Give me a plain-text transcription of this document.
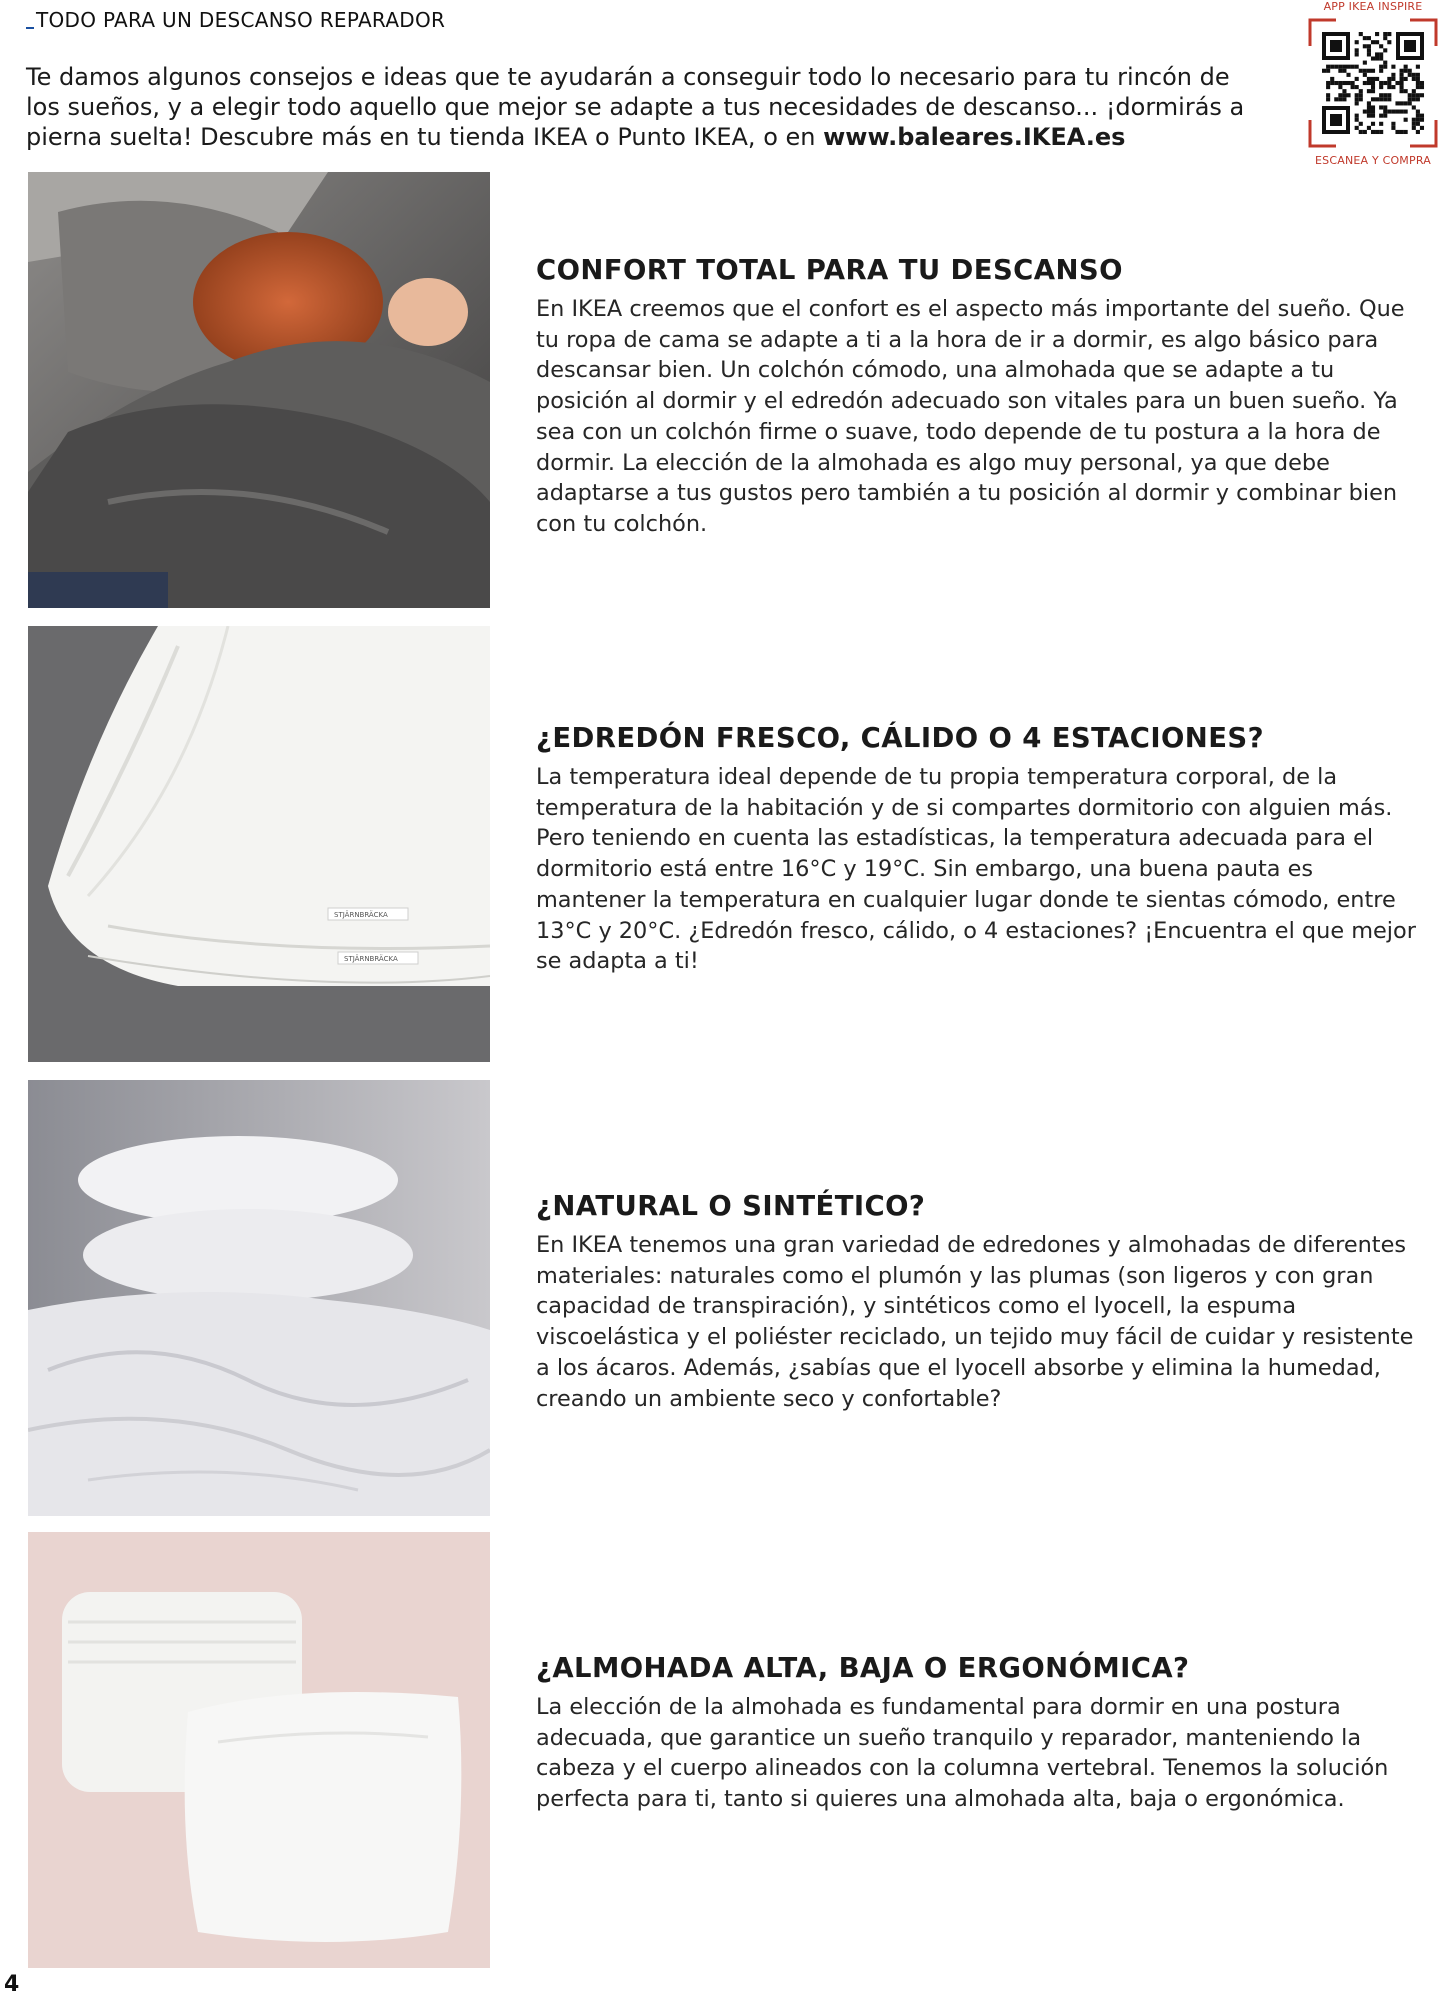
TODO PARA UN DESCANSO REPARADOR

Te damos algunos consejos e ideas que te ayudarán a conseguir todo lo necesario para tu rincón de los sueños, y a elegir todo aquello que mejor se adapte a tus necesidades de descanso... ¡dormirás a pierna suelta! Descubre más en tu tienda IKEA o Punto IKEA, o en www.baleares.IKEA.es

APP IKEA INSPIRE
ESCANEA Y COMPRA
CONFORT TOTAL PARA TU DESCANSO

En IKEA creemos que el confort es el aspecto más importante del sueño. Que tu ropa de cama se adapte a ti a la hora de ir a dormir, es algo básico para descansar bien. Un colchón cómodo, una almohada que se adapte a tu posición al dormir y el edredón adecuado son vitales para un buen sueño. Ya sea con un colchón firme o suave, todo depende de tu postura a la hora de dormir. La elección de la almohada es algo muy personal, ya que debe adaptarse a tus gustos pero también a tu posición al dormir y combinar bien con tu colchón.

STJÄRNBRÄCKA
STJÄRNBRÄCKA
¿EDREDÓN FRESCO, CÁLIDO O 4 ESTACIONES?

La temperatura ideal depende de tu propia temperatura corporal, de la temperatura de la habitación y de si compartes dormitorio con alguien más. Pero teniendo en cuenta las estadísticas, la temperatura adecuada para el dormitorio está entre 16°C y 19°C. Sin embargo, una buena pauta es mantener la temperatura en cualquier lugar donde te sientas cómodo, entre 13°C y 20°C. ¿Edredón fresco, cálido, o 4 estaciones? ¡Encuentra el que mejor se adapta a ti!

¿NATURAL O SINTÉTICO?

En IKEA tenemos una gran variedad de edredones y almohadas de diferentes materiales: naturales como el plumón y las plumas (son ligeros y con gran capacidad de transpiración), y sintéticos como el lyocell, la espuma viscoelástica y el poliéster reciclado, un tejido muy fácil de cuidar y resistente a los ácaros. Además, ¿sabías que el lyocell absorbe y elimina la humedad, creando un ambiente seco y confortable?

¿ALMOHADA ALTA, BAJA O ERGONÓMICA?

La elección de la almohada es fundamental para dormir en una postura adecuada, que garantice un sueño tranquilo y reparador, manteniendo la cabeza y el cuerpo alineados con la columna vertebral. Tenemos la solución perfecta para ti, tanto si quieres una almohada alta, baja o ergonómica.

4
